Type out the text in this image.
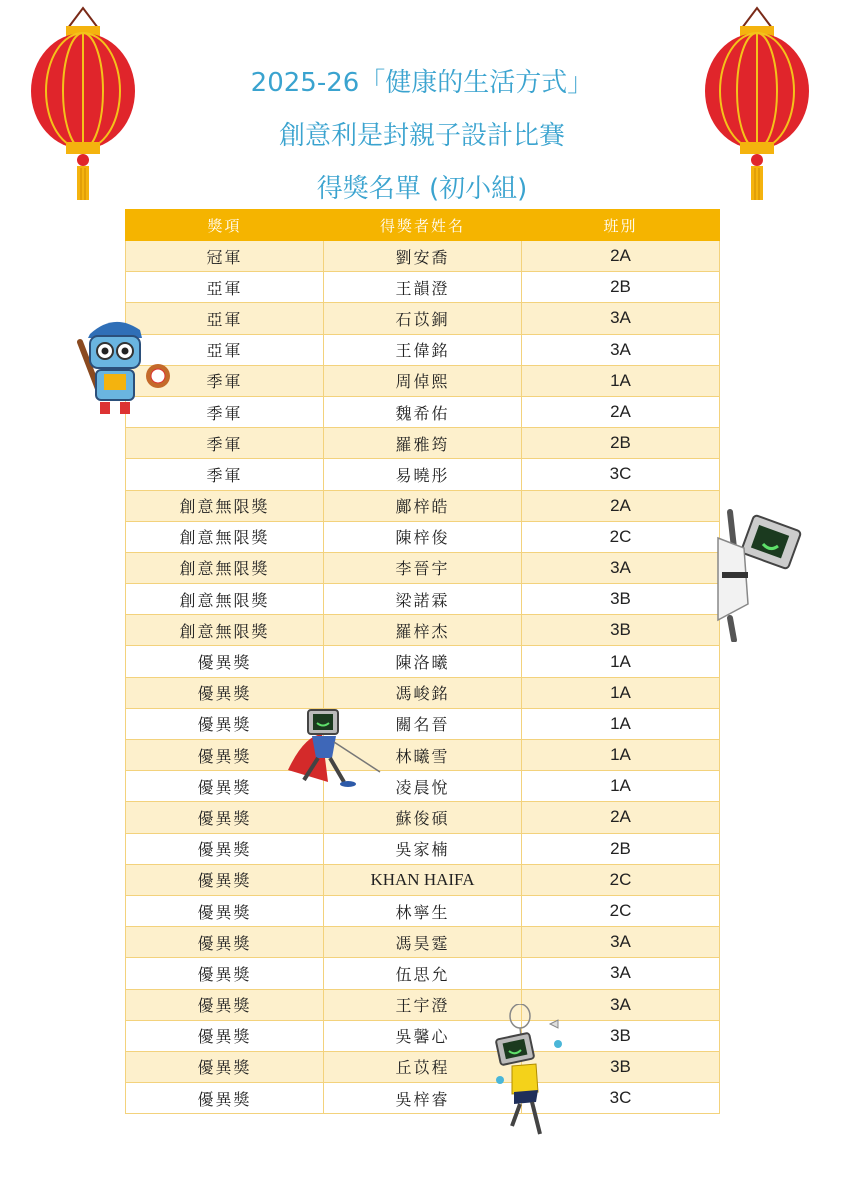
2025-26「健康的生活方式」
創意利是封親子設計比賽
得獎名單 (初小組)
獎項	得獎者姓名	班別
冠軍	劉安喬	2A
亞軍	王韻澄	2B
亞軍	石苡銅	3A
亞軍	王偉銘	3A
季軍	周倬熙	1A
季軍	魏希佑	2A
季軍	羅雅筠	2B
季軍	易曉彤	3C
創意無限獎	鄺梓皓	2A
創意無限獎	陳梓俊	2C
創意無限獎	李晉宇	3A
創意無限獎	梁諾霖	3B
創意無限獎	羅梓杰	3B
優異獎	陳洛曦	1A
優異獎	馮峻銘	1A
優異獎	關名晉	1A
優異獎	林曦雪	1A
優異獎	凌晨悅	1A
優異獎	蘇俊碩	2A
優異獎	吳家楠	2B
優異獎	KHAN HAIFA	2C
優異獎	林寧生	2C
優異獎	馮昊霆	3A
優異獎	伍思允	3A
優異獎	王宇澄	3A
優異獎	吳馨心	3B
優異獎	丘苡程	3B
優異獎	吳梓睿	3C
